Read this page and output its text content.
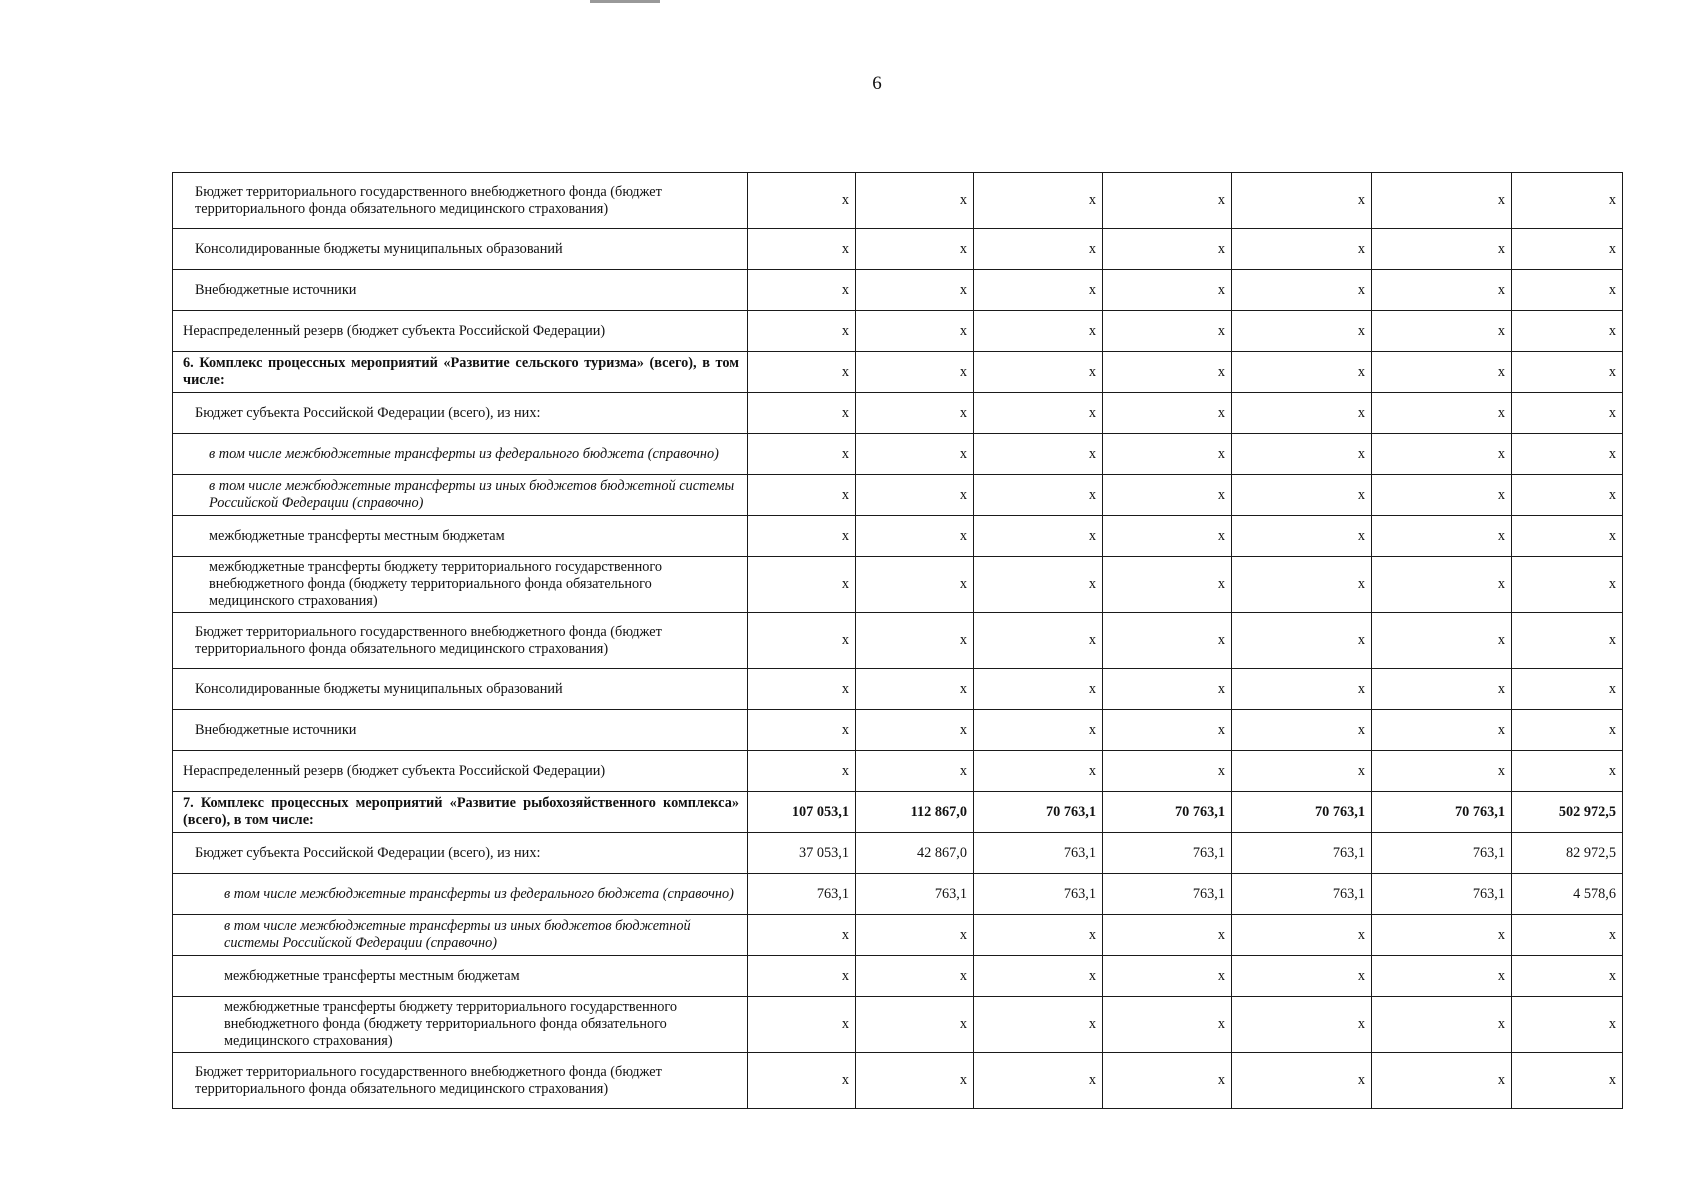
6
Бюджет территориального государственного внебюджетного фонда (бюджет территориального фонда обязательного медицинского страхования)	x	x	x	x	x	x	x
Консолидированные бюджеты муниципальных образований	x	x	x	x	x	x	x
Внебюджетные источники	x	x	x	x	x	x	x
Нераспределенный резерв (бюджет субъекта Российской Федерации)	x	x	x	x	x	x	x
6. Комплекс процессных мероприятий «Развитие сельского туризма» (всего), в том числе:	x	x	x	x	x	x	x
Бюджет субъекта Российской Федерации (всего), из них:	x	x	x	x	x	x	x
в том числе межбюджетные трансферты из федерального бюджета (справочно)	x	x	x	x	x	x	x
в том числе межбюджетные трансферты из иных бюджетов бюджетной системы Российской Федерации (справочно)	x	x	x	x	x	x	x
межбюджетные трансферты местным бюджетам	x	x	x	x	x	x	x
межбюджетные трансферты бюджету территориального государственного внебюджетного фонда (бюджету территориального фонда обязательного медицинского страхования)	x	x	x	x	x	x	x
Бюджет территориального государственного внебюджетного фонда (бюджет территориального фонда обязательного медицинского страхования)	x	x	x	x	x	x	x
Консолидированные бюджеты муниципальных образований	x	x	x	x	x	x	x
Внебюджетные источники	x	x	x	x	x	x	x
Нераспределенный резерв (бюджет субъекта Российской Федерации)	x	x	x	x	x	x	x
7. Комплекс процессных мероприятий «Развитие рыбохозяйственного комплекса» (всего), в том числе:	107 053,1	112 867,0	70 763,1	70 763,1	70 763,1	70 763,1	502 972,5
Бюджет субъекта Российской Федерации (всего), из них:	37 053,1	42 867,0	763,1	763,1	763,1	763,1	82 972,5
в том числе межбюджетные трансферты из федерального бюджета (справочно)	763,1	763,1	763,1	763,1	763,1	763,1	4 578,6
в том числе межбюджетные трансферты из иных бюджетов бюджетной системы Российской Федерации (справочно)	x	x	x	x	x	x	x
межбюджетные трансферты местным бюджетам	x	x	x	x	x	x	x
межбюджетные трансферты бюджету территориального государственного внебюджетного фонда (бюджету территориального фонда обязательного медицинского страхования)	x	x	x	x	x	x	x
Бюджет территориального государственного внебюджетного фонда (бюджет территориального фонда обязательного медицинского страхования)	x	x	x	x	x	x	x
